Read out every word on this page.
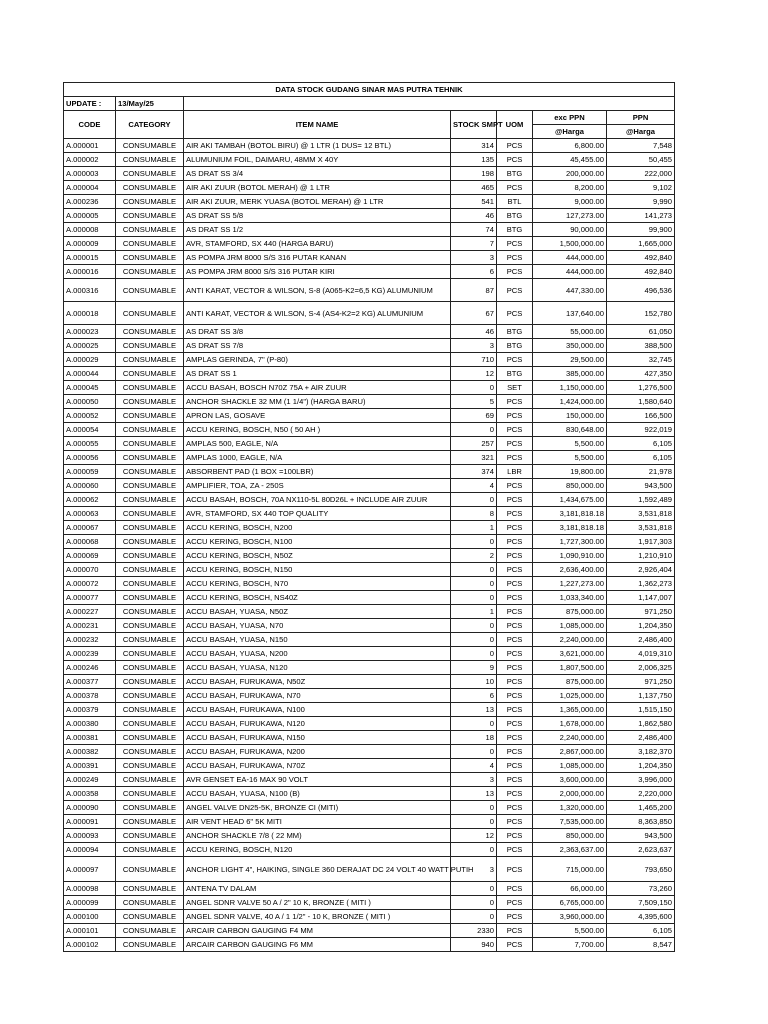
DATA STOCK GUDANG SINAR MAS PUTRA TEHNIK						
UPDATE :	13/May/25					
CODE	CATEGORY	ITEM NAME	STOCK SMPT	UOM	exc PPN	PPN
					@Harga	@Harga
A.000001	CONSUMABLE	AIR AKI TAMBAH (BOTOL BIRU) @ 1 LTR (1 DUS= 12 BTL)	314	PCS	6,800.00	7,548
A.000002	CONSUMABLE	ALUMUNIUM FOIL, DAIMARU, 48MM X 40Y	135	PCS	45,455.00	50,455
A.000003	CONSUMABLE	AS DRAT SS 3/4	198	BTG	200,000.00	222,000
A.000004	CONSUMABLE	AIR AKI ZUUR (BOTOL MERAH) @ 1 LTR	465	PCS	8,200.00	9,102
A.000236	CONSUMABLE	AIR AKI ZUUR, MERK YUASA (BOTOL MERAH) @ 1 LTR	541	BTL	9,000.00	9,990
A.000005	CONSUMABLE	AS DRAT SS 5/8	46	BTG	127,273.00	141,273
A.000008	CONSUMABLE	AS DRAT SS 1/2	74	BTG	90,000.00	99,900
A.000009	CONSUMABLE	AVR, STAMFORD, SX 440 (HARGA BARU)	7	PCS	1,500,000.00	1,665,000
A.000015	CONSUMABLE	AS POMPA JRM 8000 S/S 316 PUTAR KANAN	3	PCS	444,000.00	492,840
A.000016	CONSUMABLE	AS POMPA JRM 8000 S/S 316 PUTAR KIRI	6	PCS	444,000.00	492,840
A.000316	CONSUMABLE	ANTI KARAT, VECTOR & WILSON, S-8 (A065-K2=6,5 KG) ALUMUNIUM	87	PCS	447,330.00	496,536
A.000018	CONSUMABLE	ANTI KARAT, VECTOR & WILSON, S-4 (AS4-K2=2 KG) ALUMUNIUM	67	PCS	137,640.00	152,780
A.000023	CONSUMABLE	AS DRAT SS 3/8	46	BTG	55,000.00	61,050
A.000025	CONSUMABLE	AS DRAT SS 7/8	3	BTG	350,000.00	388,500
A.000029	CONSUMABLE	AMPLAS GERINDA, 7" (P-80)	710	PCS	29,500.00	32,745
A.000044	CONSUMABLE	AS DRAT SS 1	12	BTG	385,000.00	427,350
A.000045	CONSUMABLE	ACCU BASAH, BOSCH N70Z 75A + AIR ZUUR	0	SET	1,150,000.00	1,276,500
A.000050	CONSUMABLE	ANCHOR SHACKLE 32 MM (1 1/4") (HARGA BARU)	5	PCS	1,424,000.00	1,580,640
A.000052	CONSUMABLE	APRON LAS, GOSAVE	69	PCS	150,000.00	166,500
A.000054	CONSUMABLE	ACCU KERING, BOSCH, N50 ( 50 AH )	0	PCS	830,648.00	922,019
A.000055	CONSUMABLE	AMPLAS 500, EAGLE, N/A	257	PCS	5,500.00	6,105
A.000056	CONSUMABLE	AMPLAS 1000, EAGLE, N/A	321	PCS	5,500.00	6,105
A.000059	CONSUMABLE	ABSORBENT PAD (1 BOX =100LBR)	374	LBR	19,800.00	21,978
A.000060	CONSUMABLE	AMPLIFIER, TOA, ZA - 250S	4	PCS	850,000.00	943,500
A.000062	CONSUMABLE	ACCU BASAH, BOSCH, 70A NX110-5L 80D26L + INCLUDE AIR ZUUR	0	PCS	1,434,675.00	1,592,489
A.000063	CONSUMABLE	AVR, STAMFORD, SX 440 TOP QUALITY	8	PCS	3,181,818.18	3,531,818
A.000067	CONSUMABLE	ACCU KERING, BOSCH, N200	1	PCS	3,181,818.18	3,531,818
A.000068	CONSUMABLE	ACCU KERING, BOSCH, N100	0	PCS	1,727,300.00	1,917,303
A.000069	CONSUMABLE	ACCU KERING, BOSCH, N50Z	2	PCS	1,090,910.00	1,210,910
A.000070	CONSUMABLE	ACCU KERING, BOSCH, N150	0	PCS	2,636,400.00	2,926,404
A.000072	CONSUMABLE	ACCU KERING, BOSCH, N70	0	PCS	1,227,273.00	1,362,273
A.000077	CONSUMABLE	ACCU KERING, BOSCH, NS40Z	0	PCS	1,033,340.00	1,147,007
A.000227	CONSUMABLE	ACCU BASAH, YUASA, N50Z	1	PCS	875,000.00	971,250
A.000231	CONSUMABLE	ACCU BASAH, YUASA, N70	0	PCS	1,085,000.00	1,204,350
A.000232	CONSUMABLE	ACCU BASAH, YUASA, N150	0	PCS	2,240,000.00	2,486,400
A.000239	CONSUMABLE	ACCU BASAH, YUASA, N200	0	PCS	3,621,000.00	4,019,310
A.000246	CONSUMABLE	ACCU BASAH, YUASA, N120	9	PCS	1,807,500.00	2,006,325
A.000377	CONSUMABLE	ACCU BASAH, FURUKAWA, N50Z	10	PCS	875,000.00	971,250
A.000378	CONSUMABLE	ACCU BASAH, FURUKAWA, N70	6	PCS	1,025,000.00	1,137,750
A.000379	CONSUMABLE	ACCU BASAH, FURUKAWA, N100	13	PCS	1,365,000.00	1,515,150
A.000380	CONSUMABLE	ACCU BASAH, FURUKAWA, N120	0	PCS	1,678,000.00	1,862,580
A.000381	CONSUMABLE	ACCU BASAH, FURUKAWA, N150	18	PCS	2,240,000.00	2,486,400
A.000382	CONSUMABLE	ACCU BASAH, FURUKAWA, N200	0	PCS	2,867,000.00	3,182,370
A.000391	CONSUMABLE	ACCU BASAH, FURUKAWA, N70Z	4	PCS	1,085,000.00	1,204,350
A.000249	CONSUMABLE	AVR GENSET EA-16 MAX 90 VOLT	3	PCS	3,600,000.00	3,996,000
A.000358	CONSUMABLE	ACCU BASAH, YUASA, N100 (B)	13	PCS	2,000,000.00	2,220,000
A.000090	CONSUMABLE	ANGEL VALVE DN25-5K, BRONZE CI (MITI)	0	PCS	1,320,000.00	1,465,200
A.000091	CONSUMABLE	AIR VENT HEAD 6" 5K MITI	0	PCS	7,535,000.00	8,363,850
A.000093	CONSUMABLE	ANCHOR SHACKLE 7/8 ( 22 MM)	12	PCS	850,000.00	943,500
A.000094	CONSUMABLE	ACCU KERING, BOSCH, N120	0	PCS	2,363,637.00	2,623,637
A.000097	CONSUMABLE	ANCHOR LIGHT 4", HAIKING, SINGLE 360 DERAJAT DC 24 VOLT 40 WATT PUTIH	3	PCS	715,000.00	793,650
A.000098	CONSUMABLE	ANTENA TV DALAM	0	PCS	66,000.00	73,260
A.000099	CONSUMABLE	ANGEL SDNR VALVE 50 A / 2" 10 K, BRONZE ( MITI )	0	PCS	6,765,000.00	7,509,150
A.000100	CONSUMABLE	ANGEL SDNR VALVE, 40 A / 1 1/2" - 10 K, BRONZE ( MITI )	0	PCS	3,960,000.00	4,395,600
A.000101	CONSUMABLE	ARCAIR CARBON GAUGING F4 MM	2330	PCS	5,500.00	6,105
A.000102	CONSUMABLE	ARCAIR CARBON GAUGING F6 MM	940	PCS	7,700.00	8,547
